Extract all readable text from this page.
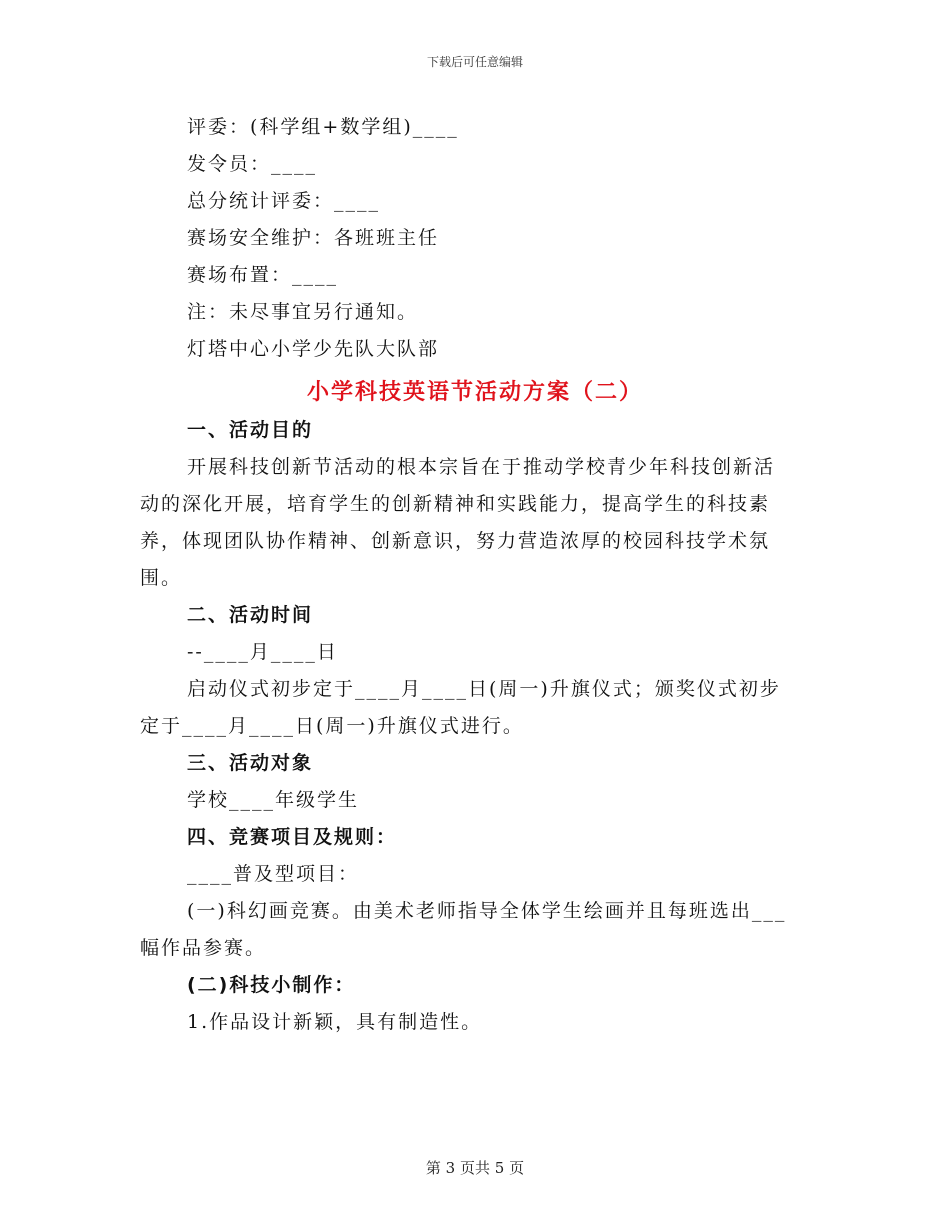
下载后可任意编辑
评委：(科学组+数学组)____
发令员：____
总分统计评委：____
赛场安全维护：各班班主任
赛场布置：____
注：未尽事宜另行通知。
灯塔中心小学少先队大队部
小学科技英语节活动方案（二）
一、活动目的
开展科技创新节活动的根本宗旨在于推动学校青少年科技创新活
动的深化开展，培育学生的创新精神和实践能力，提高学生的科技素
养，体现团队协作精神、创新意识，努力营造浓厚的校园科技学术氛
围。
二、活动时间
--____月____日
启动仪式初步定于____月____日(周一)升旗仪式；颁奖仪式初步
定于____月____日(周一)升旗仪式进行。
三、活动对象
学校____年级学生
四、竞赛项目及规则：
____普及型项目：
(一)科幻画竞赛。由美术老师指导全体学生绘画并且每班选出___
幅作品参赛。
(二)科技小制作：
1.作品设计新颖，具有制造性。
第 3 页共 5 页
